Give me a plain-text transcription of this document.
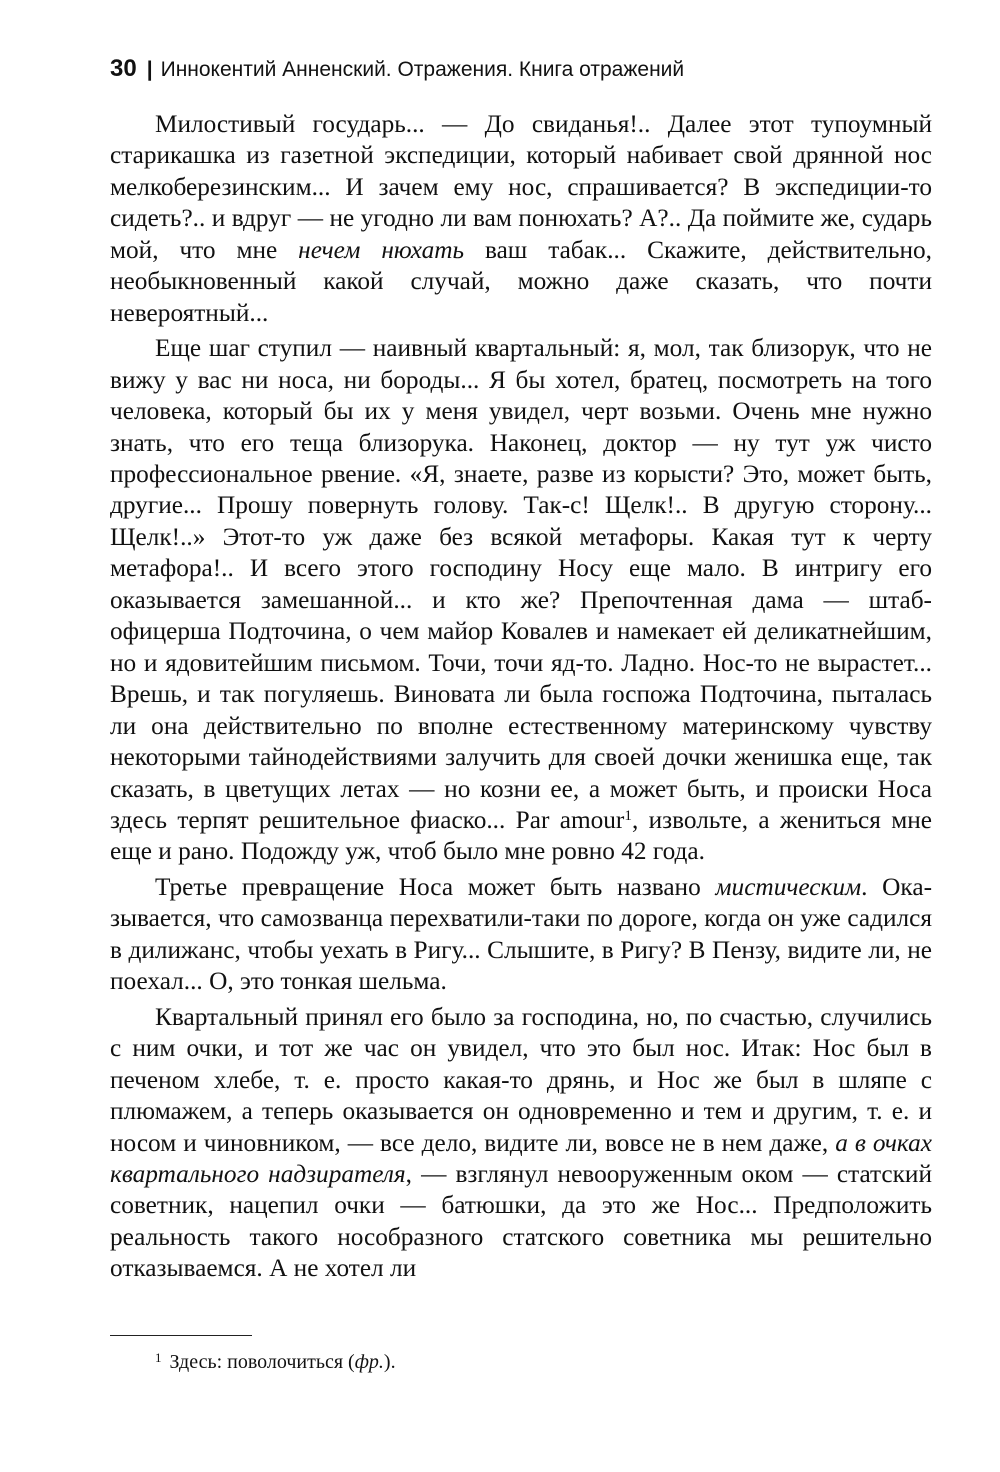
30 | Иннокентий Анненский. Отражения. Книга отражений

Милостивый государь... — До свиданья!.. Далее этот тупоумный старикашка из газетной экспедиции, который набивает свой дрянной нос мелкоберезинским... И зачем ему нос, спрашивается? В экспедиции-то сидеть?.. и вдруг — не угодно ли вам понюхать? А?.. Да поймите же, сударь мой, что мне нечем нюхать ваш табак... Скажите, действительно, необыкновенный какой случай, можно даже сказать, что почти невероятный...

Еще шаг ступил — наивный квартальный: я, мол, так близорук, что не вижу у вас ни носа, ни бороды... Я бы хотел, братец, посмотреть на того человека, который бы их у меня увидел, черт возьми. Очень мне нужно знать, что его теща близорука. Наконец, доктор — ну тут уж чисто профессиональное рвение. «Я, знаете, разве из корысти? Это, может быть, другие... Прошу повернуть голову. Так-с! Щелк!.. В другую сторону... Щелк!..» Этот-то уж даже без всякой метафоры. Какая тут к черту метафора!.. И всего этого господину Носу еще мало. В интригу его оказывается замешанной... и кто же? Препочтенная дама — штаб-офицерша Подточина, о чем майор Ковалев и намекает ей деликатнейшим, но и ядовитейшим письмом. Точи, точи яд-то. Ладно. Нос-то не вырастет... Врешь, и так погуляешь. Виновата ли была госпожа Подточина, пыталась ли она действительно по вполне естественному материнскому чувству некоторыми тайнодействиями залучить для своей дочки женишка еще, так сказать, в цветущих летах — но козни ее, а может быть, и происки Носа здесь терпят решительное фиаско... Par amour$^1$, извольте, а жениться мне еще и рано. Подожду уж, чтоб было мне ровно 42 года.

Третье превращение Носа может быть названо мистическим. Оказывается, что самозванца перехватили-таки по дороге, когда он уже садился в дилижанс, чтобы уехать в Ригу... Слышите, в Ригу? В Пензу, видите ли, не поехал... О, это тонкая шельма.

Квартальный принял его было за господина, но, по счастью, случились с ним очки, и тот же час он увидел, что это был нос. Итак: Нос был в печеном хлебе, т. е. просто какая-то дрянь, и Нос же был в шляпе с плюмажем, а теперь оказывается он одновременно и тем и другим, т. е. и носом и чиновником, — все дело, видите ли, вовсе не в нем даже, а в очках квартального надзирателя, — взглянул невооруженным оком — статский советник, нацепил очки — батюшки, да это же Нос... Предположить реальность такого нособразного статского советника мы решительно отказываемся. А не хотел ли

$^1$ Здесь: поволочиться (фр.).
